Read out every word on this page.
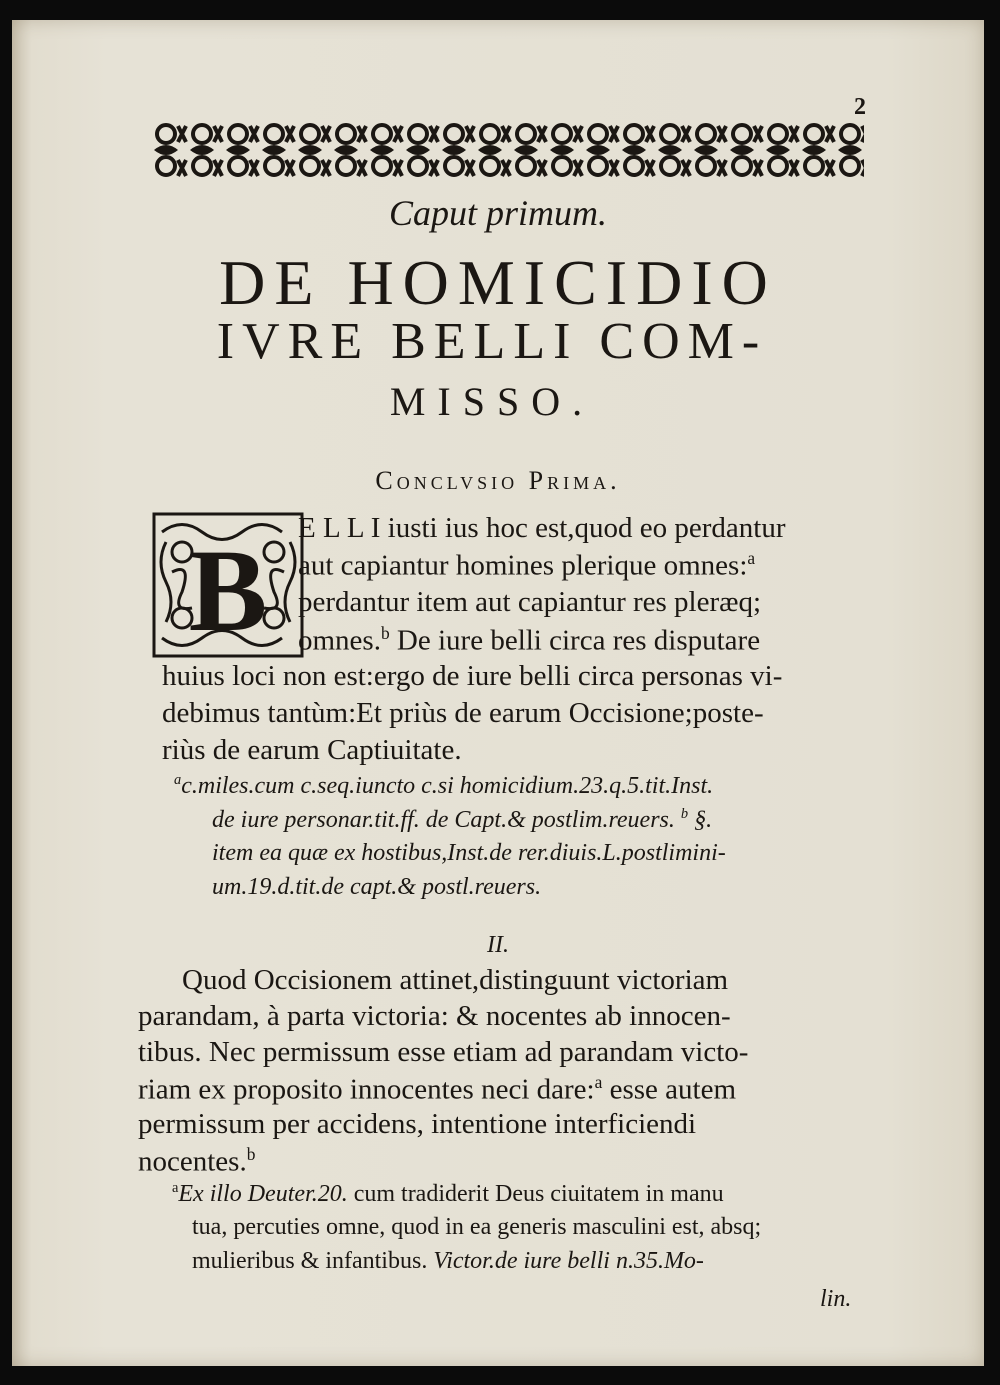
2
Caput primum.
DE HOMICIDIO
IVRE BELLI COM-
MISSO.
Conclvsio Prima.
B E L L I iusti ius hoc est,quod eo perdantur
aut capiantur homines plerique omnes:$^a$
perdantur item aut capiantur res pleræq;
omnes.$^b$ De iure belli circa res disputare
huius loci non est:ergo de iure belli circa personas vi-
debimus tantùm:Et priùs de earum Occisione;poste-
riùs de earum Captiuitate.
$^a$c.miles.cum c.seq.iuncto c.si homicidium.23.q.5.tit.Inst.
de iure personar.tit.ff. de Capt.& postlim.reuers. $^b$ §.
item ea quæ ex hostibus,Inst.de rer.diuis.L.postlimini-
um.19.d.tit.de capt.& postl.reuers.
II.
Quod Occisionem attinet,distinguunt victoriam
parandam, à parta victoria: & nocentes ab innocen-
tibus. Nec permissum esse etiam ad parandam victo-
riam ex proposito innocentes neci dare:$^a$ esse autem
permissum per accidens, intentione interficiendi
nocentes.$^b$
$^a$Ex illo Deuter.20. cum tradiderit Deus ciuitatem in manu
tua, percuties omne, quod in ea generis masculini est, absq;
mulieribus & infantibus. Victor.de iure belli n.35.Mo-
lin.
